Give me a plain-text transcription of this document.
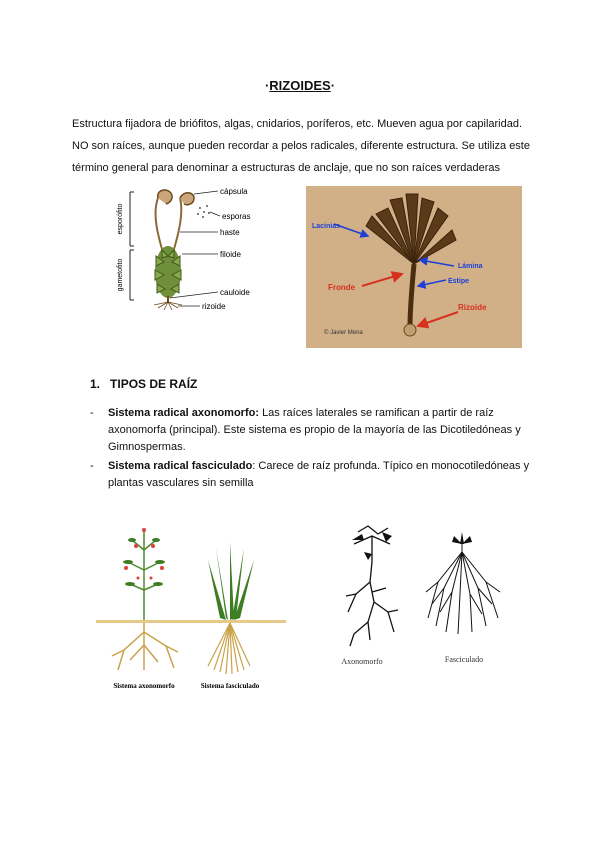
·RIZOIDES·

Estructura fijadora de briófitos, algas, cnidarios, poríferos, etc. Mueven agua por capilaridad.

NO son raíces, aunque pueden recordar a pelos radicales, diferente estructura. Se utiliza este

término general para denominar a estructuras de anclaje, que no son raíces verdaderas

esporófito
gametofito
cápsula
esporas
haste
filoide
cauloide
rizoide
Lacinias
Lámina
Estipe
Fronde
Rizoide
© Javier Mena
1. TIPOS DE RAÍZ
- Sistema radical axonomorfo: Las raíces laterales se ramifican a partir de raíz axonomorfa (principal). Este sistema es propio de la mayoría de las Dicotiledóneas y Gimnospermas.
- Sistema radical fasciculado: Carece de raíz profunda. Típico en monocotiledóneas y plantas vasculares sin semilla
Sistema axonomorfo	Sistema fasciculado
Axonomorfo	Fasciculado
